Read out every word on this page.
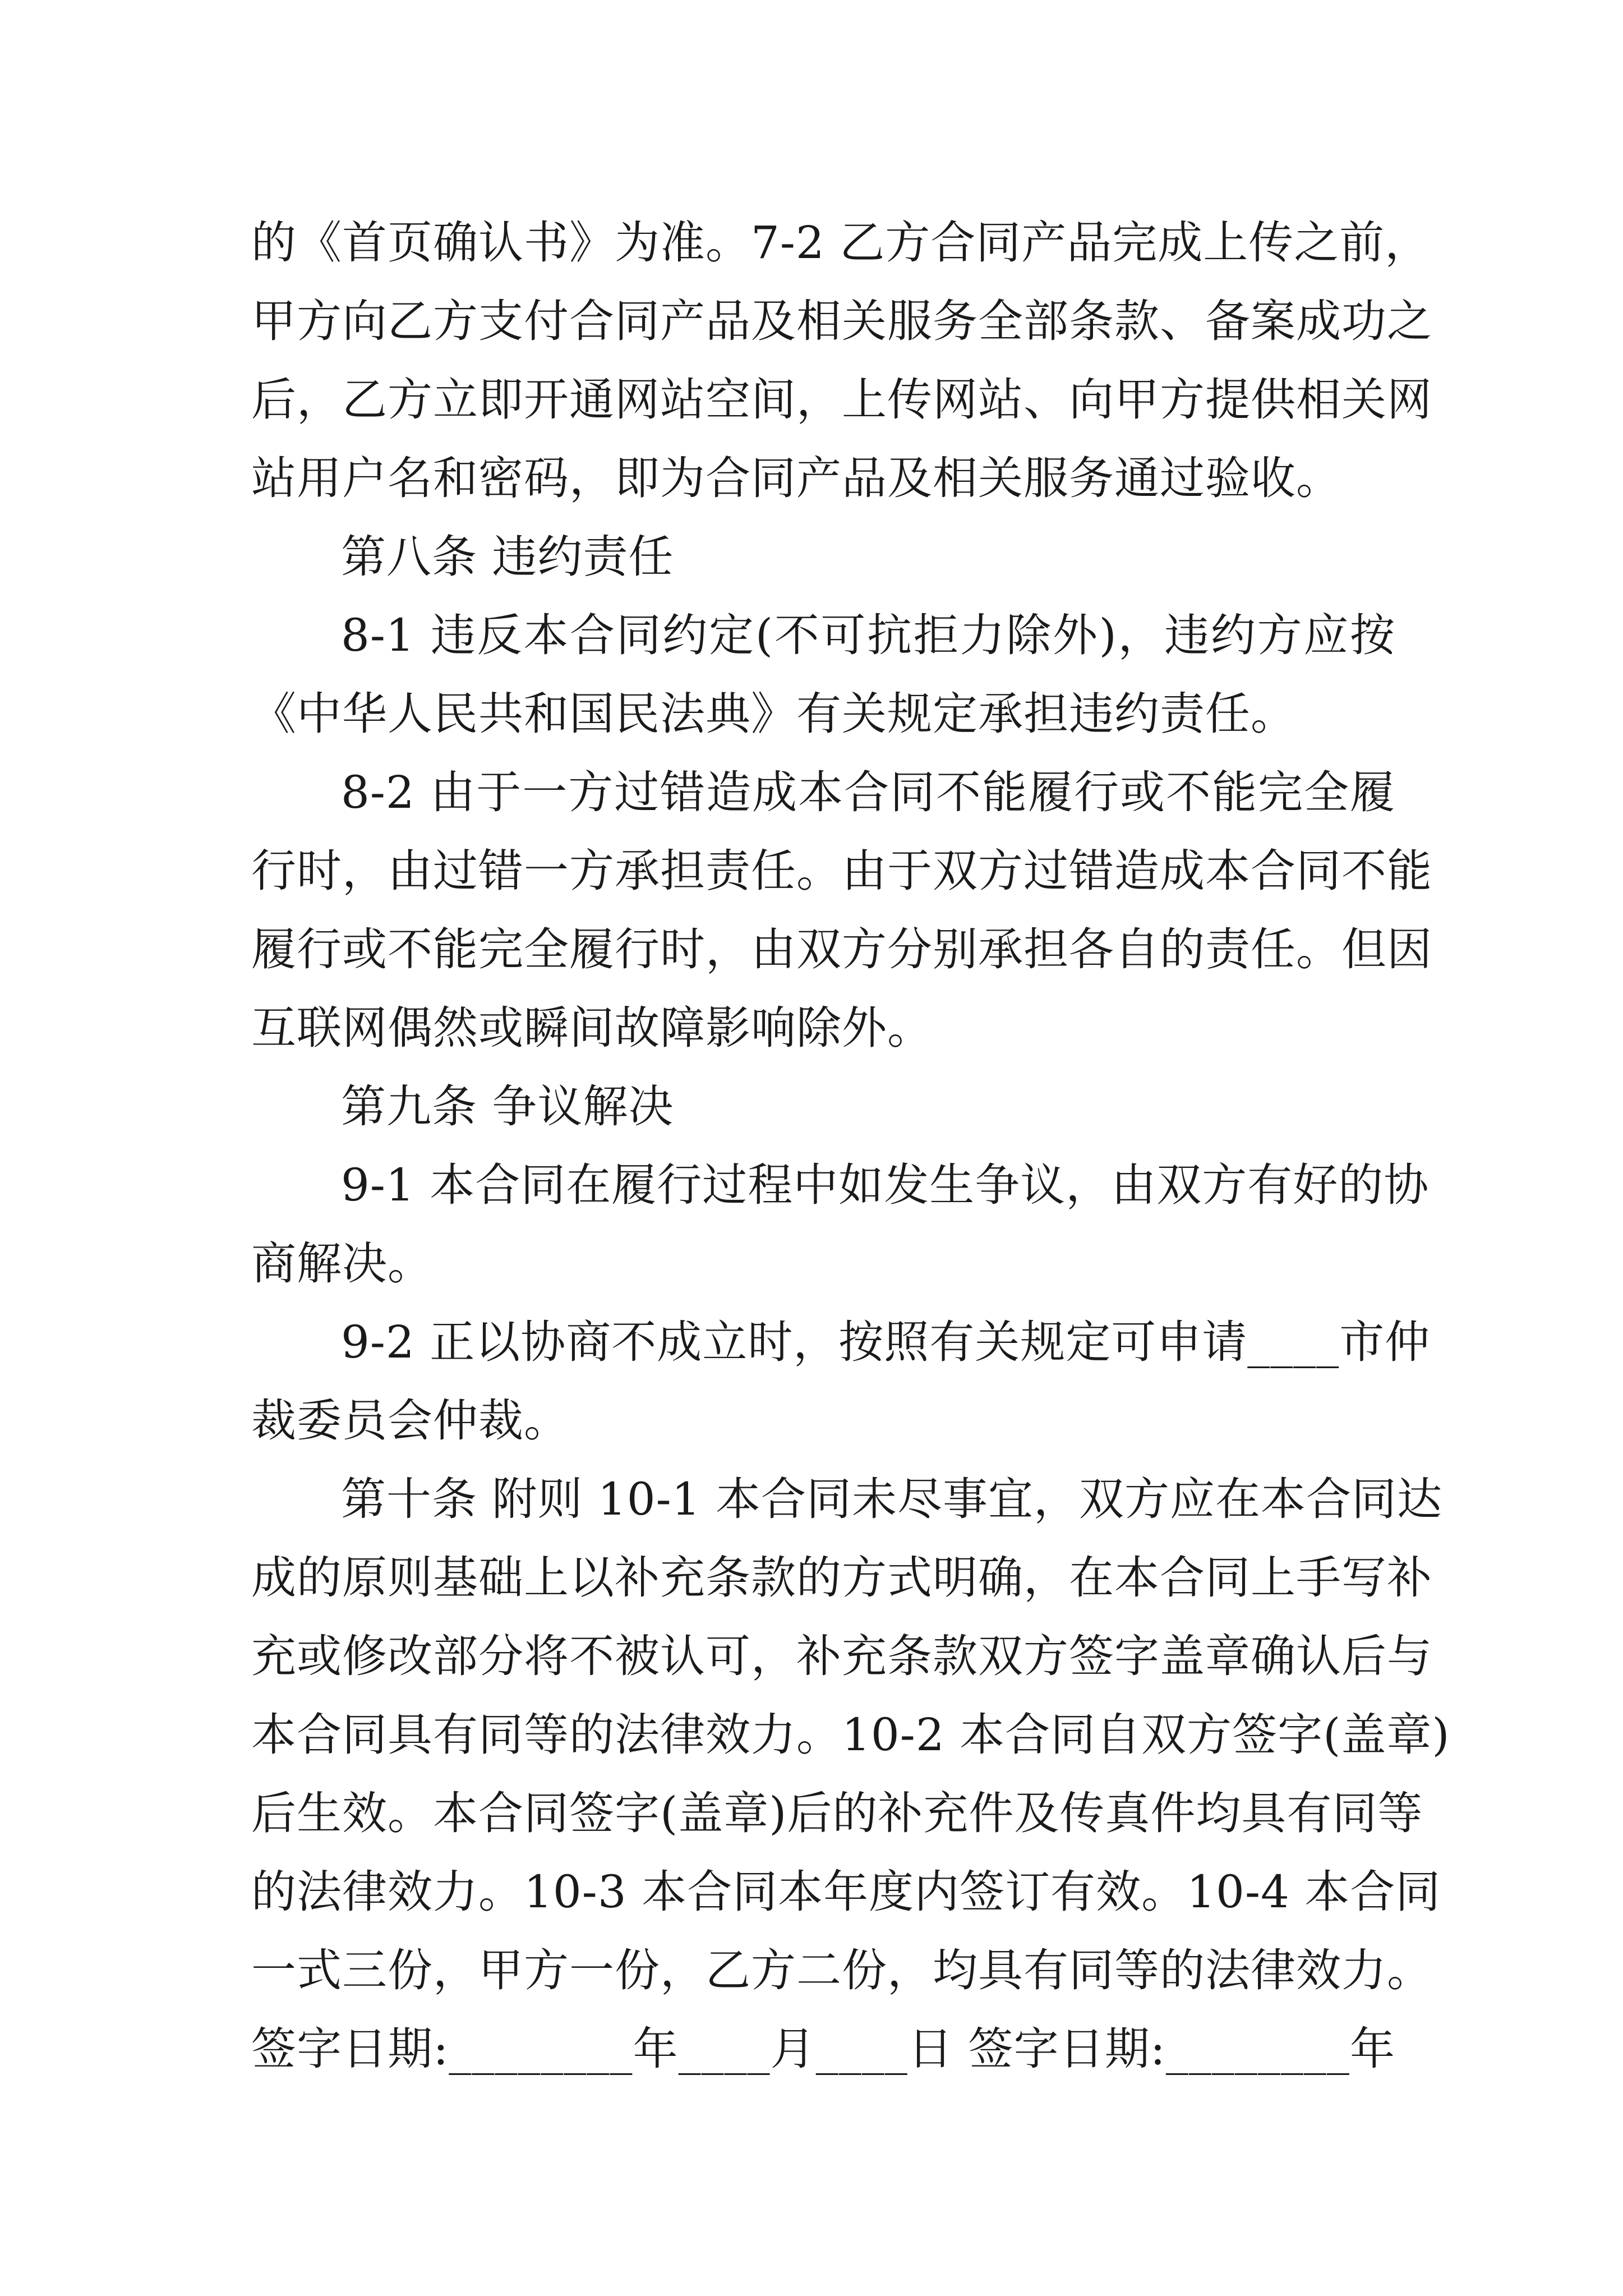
的《首页确认书》为准。7-2 乙方合同产品完成上传之前，
甲方向乙方支付合同产品及相关服务全部条款、备案成功之
后，乙方立即开通网站空间，上传网站、向甲方提供相关网
站用户名和密码，即为合同产品及相关服务通过验收。
第八条 违约责任
8-1 违反本合同约定(不可抗拒力除外)，违约方应按
《中华人民共和国民法典》有关规定承担违约责任。
8-2 由于一方过错造成本合同不能履行或不能完全履
行时，由过错一方承担责任。由于双方过错造成本合同不能
履行或不能完全履行时，由双方分别承担各自的责任。但因
互联网偶然或瞬间故障影响除外。
第九条 争议解决
9-1 本合同在履行过程中如发生争议，由双方有好的协
商解决。
9-2 正以协商不成立时，按照有关规定可申请____市仲
裁委员会仲裁。
第十条 附则 10-1 本合同未尽事宜，双方应在本合同达
成的原则基础上以补充条款的方式明确，在本合同上手写补
充或修改部分将不被认可，补充条款双方签字盖章确认后与
本合同具有同等的法律效力。10-2 本合同自双方签字(盖章)
后生效。本合同签字(盖章)后的补充件及传真件均具有同等
的法律效力。10-3 本合同本年度内签订有效。10-4 本合同
一式三份，甲方一份，乙方二份，均具有同等的法律效力。
签字日期:________年____月____日 签字日期:________年
